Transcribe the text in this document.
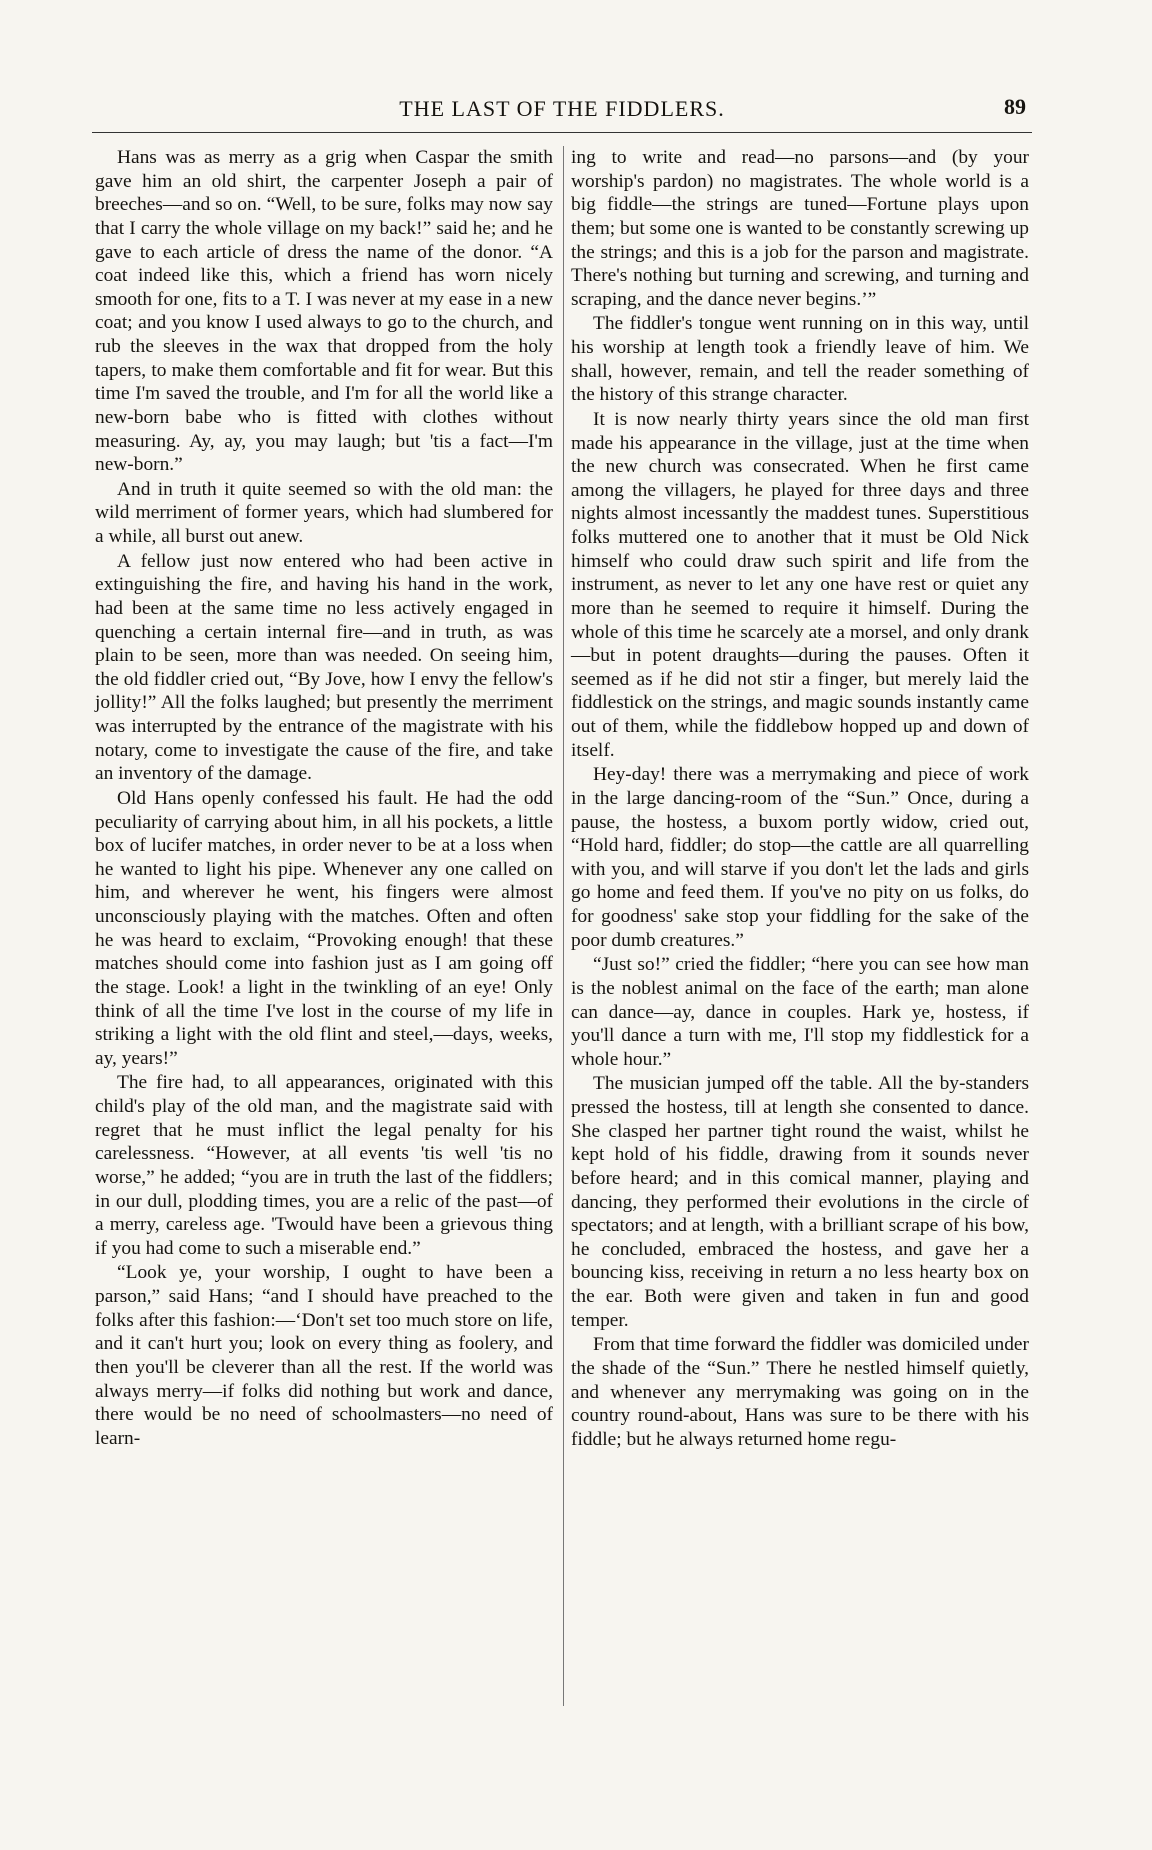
THE LAST OF THE FIDDLERS.	89

Hans was as merry as a grig when Caspar the smith gave him an old shirt, the carpenter Joseph a pair of breeches—and so on. “Well, to be sure, folks may now say that I carry the whole village on my back!” said he; and he gave to each article of dress the name of the donor. “A coat indeed like this, which a friend has worn nicely smooth for one, fits to a T. I was never at my ease in a new coat; and you know I used always to go to the church, and rub the sleeves in the wax that dropped from the holy tapers, to make them comfortable and fit for wear. But this time I'm saved the trouble, and I'm for all the world like a new-born babe who is fitted with clothes without measuring. Ay, ay, you may laugh; but 'tis a fact—I'm new-born.”

And in truth it quite seemed so with the old man: the wild merriment of former years, which had slumbered for a while, all burst out anew.

A fellow just now entered who had been active in extinguishing the fire, and having his hand in the work, had been at the same time no less actively engaged in quenching a certain internal fire—and in truth, as was plain to be seen, more than was needed. On seeing him, the old fiddler cried out, “By Jove, how I envy the fellow's jollity!” All the folks laughed; but presently the merriment was interrupted by the entrance of the magistrate with his notary, come to investigate the cause of the fire, and take an inventory of the damage.

Old Hans openly confessed his fault. He had the odd peculiarity of carrying about him, in all his pockets, a little box of lucifer matches, in order never to be at a loss when he wanted to light his pipe. Whenever any one called on him, and wherever he went, his fingers were almost unconsciously playing with the matches. Often and often he was heard to exclaim, “Provoking enough! that these matches should come into fashion just as I am going off the stage. Look! a light in the twinkling of an eye! Only think of all the time I've lost in the course of my life in striking a light with the old flint and steel,—days, weeks, ay, years!”

The fire had, to all appearances, originated with this child's play of the old man, and the magistrate said with regret that he must inflict the legal penalty for his carelessness. “However, at all events 'tis well 'tis no worse,” he added; “you are in truth the last of the fiddlers; in our dull, plodding times, you are a relic of the past—of a merry, careless age. 'Twould have been a grievous thing if you had come to such a miserable end.”

“Look ye, your worship, I ought to have been a parson,” said Hans; “and I should have preached to the folks after this fashion:—‘Don't set too much store on life, and it can't hurt you; look on every thing as foolery, and then you'll be cleverer than all the rest. If the world was always merry—if folks did nothing but work and dance, there would be no need of schoolmasters—no need of learn-

ing to write and read—no parsons—and (by your worship's pardon) no magistrates. The whole world is a big fiddle—the strings are tuned—Fortune plays upon them; but some one is wanted to be constantly screwing up the strings; and this is a job for the parson and magistrate. There's nothing but turning and screwing, and turning and scraping, and the dance never begins.’”

The fiddler's tongue went running on in this way, until his worship at length took a friendly leave of him. We shall, however, remain, and tell the reader something of the history of this strange character.

It is now nearly thirty years since the old man first made his appearance in the village, just at the time when the new church was consecrated. When he first came among the villagers, he played for three days and three nights almost incessantly the maddest tunes. Superstitious folks muttered one to another that it must be Old Nick himself who could draw such spirit and life from the instrument, as never to let any one have rest or quiet any more than he seemed to require it himself. During the whole of this time he scarcely ate a morsel, and only drank—but in potent draughts—during the pauses. Often it seemed as if he did not stir a finger, but merely laid the fiddlestick on the strings, and magic sounds instantly came out of them, while the fiddlebow hopped up and down of itself.

Hey-day! there was a merrymaking and piece of work in the large dancing-room of the “Sun.” Once, during a pause, the hostess, a buxom portly widow, cried out, “Hold hard, fiddler; do stop—the cattle are all quarrelling with you, and will starve if you don't let the lads and girls go home and feed them. If you've no pity on us folks, do for goodness' sake stop your fiddling for the sake of the poor dumb creatures.”

“Just so!” cried the fiddler; “here you can see how man is the noblest animal on the face of the earth; man alone can dance—ay, dance in couples. Hark ye, hostess, if you'll dance a turn with me, I'll stop my fiddlestick for a whole hour.”

The musician jumped off the table. All the by-standers pressed the hostess, till at length she consented to dance. She clasped her partner tight round the waist, whilst he kept hold of his fiddle, drawing from it sounds never before heard; and in this comical manner, playing and dancing, they performed their evolutions in the circle of spectators; and at length, with a brilliant scrape of his bow, he concluded, embraced the hostess, and gave her a bouncing kiss, receiving in return a no less hearty box on the ear. Both were given and taken in fun and good temper.

From that time forward the fiddler was domiciled under the shade of the “Sun.” There he nestled himself quietly, and whenever any merrymaking was going on in the country round-about, Hans was sure to be there with his fiddle; but he always returned home regu-
